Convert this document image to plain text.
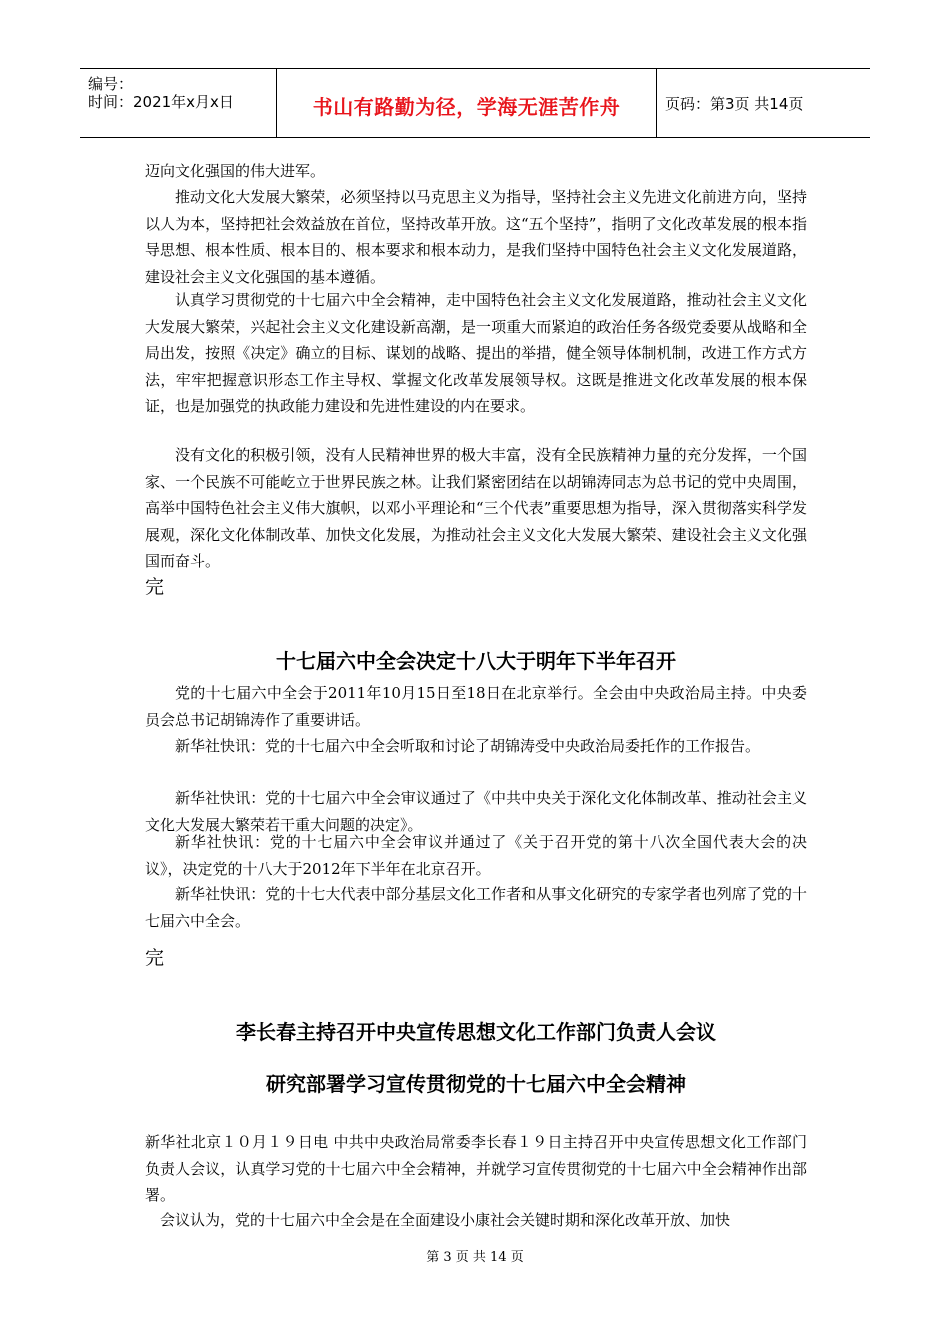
编号：
时间：2021年x月x日	书山有路勤为径，学海无涯苦作舟	页码：第3页 共14页

迈向文化强国的伟大进军。

推动文化大发展大繁荣，必须坚持以马克思主义为指导，坚持社会主义先进文化前进方向，坚持以人为本，坚持把社会效益放在首位，坚持改革开放。这“五个坚持”，指明了文化改革发展的根本指导思想、根本性质、根本目的、根本要求和根本动力，是我们坚持中国特色社会主义文化发展道路，建设社会主义文化强国的基本遵循。

认真学习贯彻党的十七届六中全会精神，走中国特色社会主义文化发展道路，推动社会主义文化大发展大繁荣，兴起社会主义文化建设新高潮，是一项重大而紧迫的政治任务各级党委要从战略和全局出发，按照《决定》确立的目标、谋划的战略、提出的举措，健全领导体制机制，改进工作方式方法，牢牢把握意识形态工作主导权、掌握文化改革发展领导权。这既是推进文化改革发展的根本保证，也是加强党的执政能力建设和先进性建设的内在要求。

没有文化的积极引领，没有人民精神世界的极大丰富，没有全民族精神力量的充分发挥，一个国家、一个民族不可能屹立于世界民族之林。让我们紧密团结在以胡锦涛同志为总书记的党中央周围，高举中国特色社会主义伟大旗帜，以邓小平理论和“三个代表”重要思想为指导，深入贯彻落实科学发展观，深化文化体制改革、加快文化发展，为推动社会主义文化大发展大繁荣、建设社会主义文化强国而奋斗。

完
十七届六中全会决定十八大于明年下半年召开

党的十七届六中全会于2011年10月15日至18日在北京举行。全会由中央政治局主持。中央委员会总书记胡锦涛作了重要讲话。

新华社快讯：党的十七届六中全会听取和讨论了胡锦涛受中央政治局委托作的工作报告。

新华社快讯：党的十七届六中全会审议通过了《中共中央关于深化文化体制改革、推动社会主义文化大发展大繁荣若干重大问题的决定》。

新华社快讯：党的十七届六中全会审议并通过了《关于召开党的第十八次全国代表大会的决议》，决定党的十八大于2012年下半年在北京召开。

新华社快讯：党的十七大代表中部分基层文化工作者和从事文化研究的专家学者也列席了党的十七届六中全会。

完
李长春主持召开中央宣传思想文化工作部门负责人会议
研究部署学习宣传贯彻党的十七届六中全会精神

新华社北京１０月１９日电 中共中央政治局常委李长春１９日主持召开中央宣传思想文化工作部门负责人会议，认真学习党的十七届六中全会精神，并就学习宣传贯彻党的十七届六中全会精神作出部署。

会议认为，党的十七届六中全会是在全面建设小康社会关键时期和深化改革开放、加快

第 3 页 共 14 页
